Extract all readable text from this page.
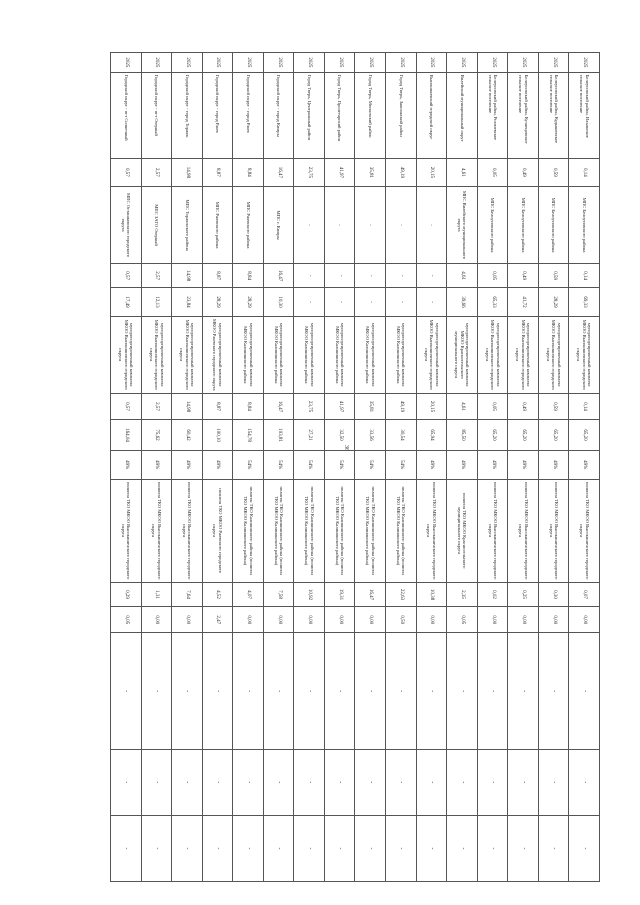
36
2025	Белоусовский район, Ильинское сельское поселение	0,14	МПС Белоусовского района	0,14	69,33	мусоросортировочный комплекс МКОО Высокиничского городского округа	0,14	65,20	49%	полигон ТКО МКОО Высокиничского городского округа	0,07	0,00	-	-	-
2025	Белоусовский район, Кудышевское сельское поселение	0,59	МПС Белоусовского района	0,59	28,29	мусоросортировочный комплекс МКОО Высокиничского городского округа	0,59	65,20	49%	полигон ТКО МКОО Высокиничского городского округа	0,30	0,00	-	-	-
2025	Белоусовский район, Кузнецовское сельское поселение	0,49	МПС Белоусовского района	0,49	41,72	мусоросортировочный комплекс МКОО Высокиничского городского округа	0,49	65,20	49%	полигон ТКО МКОО Высокиничского городского округа	0,25	0,00	-	-	-
2025	Белоусовский район, Рогачевское сельское поселение	0,05	МПС Белоусовского района	0,05	65,33	мусоросортировочный комплекс МКОО Высокиничского городского округа	0,05	65,20	49%	полигон ТКО МКОО Высокиничского городского округа	0,02	0,00	-	-	-
2025	Вилейский муниципальный округ	4,61	МПС Вилейского муниципального округа	4,61	39,66	мусоросортировочный комплекс МКОО Красносельского муниципального округа	4,61	85,50	49%	полигон ТКО МКОО Красносельского муниципального округа	2,35	0,05	-	-	-
2025	Высокиничский городской округ	20,15	-	-	-	мусоросортировочный комплекс МКОО Высокиничского городского округа	20,15	65,94	49%	полигон ТКО МКОО Высокиничского городского округа	10,38	0,00	-	-	-
2025	Город Тверь, Заволжский район	49,19	-	-	-	мусоросортировочный комплекс МКОО Калининского района	49,19	30,54	54%	полигон ТКО Калининского района (полигон ТКО МКОО Калининского района)	22,63	0,50	-	-	-
2025	Город Тверь, Московский район	35,81	-	-	-	мусоросортировочный комплекс МКОО Калининского района	35,81	33,56	54%	полигон ТКО Калининского района (полигон ТКО МКОО Калининского района)	16,47	0,00	-	-	-
2025	Город Тверь, Пролетарский район	41,97	-	-	-	мусоросортировочный комплекс МКОО Калининского района	41,97	32,50	54%	полигон ТКО Калининского района (полигон ТКО МКОО Калининского района)	19,31	0,00	-	-	-
2025	Город Тверь, Центральный район	23,75	-	-	-	мусоросортировочный комплекс МКОО Калининского района	23,75	27,21	54%	полигон ТКО Калининского района (полигон ТКО МКОО Калининского района)	10,92	0,00	-	-	-
2025	Городской округ - город Кимры	16,47	МПС г. Кимры	16,47	10,30	мусоросортировочный комплекс МКОО Калининского района	16,47	103,81	54%	полигон ТКО Калининского района (полигон ТКО МКОО Калининского района)	7,58	0,00	-	-	-
2025	Городской округ - город Ржев	8,84	МПС Ржевского района	8,84	28,29	мусоросортировочный комплекс МКОО Калининского района	8,84	154,78	54%	полигон ТКО Калининского района (полигон ТКО МКОО Калининского района)	4,07	0,00	-	-	-
2025	Городской округ - город Ржев	8,87	МПС Ржевского района	8,87	28,29	мусоросортировочный комплекс МКОО Ржевского городского округа	8,87	100,10	49%	полигон ТКО МКОО Ржевского городского округа	4,52	2,47	-	-	-
2025	Городской округ - город Торжок	14,98	МПС Торжокского района	14,98	23,84	мусоросортировочный комплекс МКОО Высокиничского городского округа	14,98	60,42	49%	полигон ТКО МКОО Высокиничского городского округа	7,64	0,00	-	-	-
2025	Городской округ - пгт Озерный	2,57	МПС ЗАТО Озерный	2,57	12,13	мусоросортировочный комплекс МКОО Высокиничского городского округа	2,57	75,62	49%	полигон ТКО МКОО Высокиничского городского округа	1,31	0,00	-	-	-
2025	Городской округ - пгт Солнечный	0,57	МПС Осташковского городского округа	0,57	17,49	мусоросортировочный комплекс МКОО Высокиничского городского округа	0,57	164,04	49%	полигон ТКО МКОО Высокиничского городского округа	0,29	0,05	-	-	-
